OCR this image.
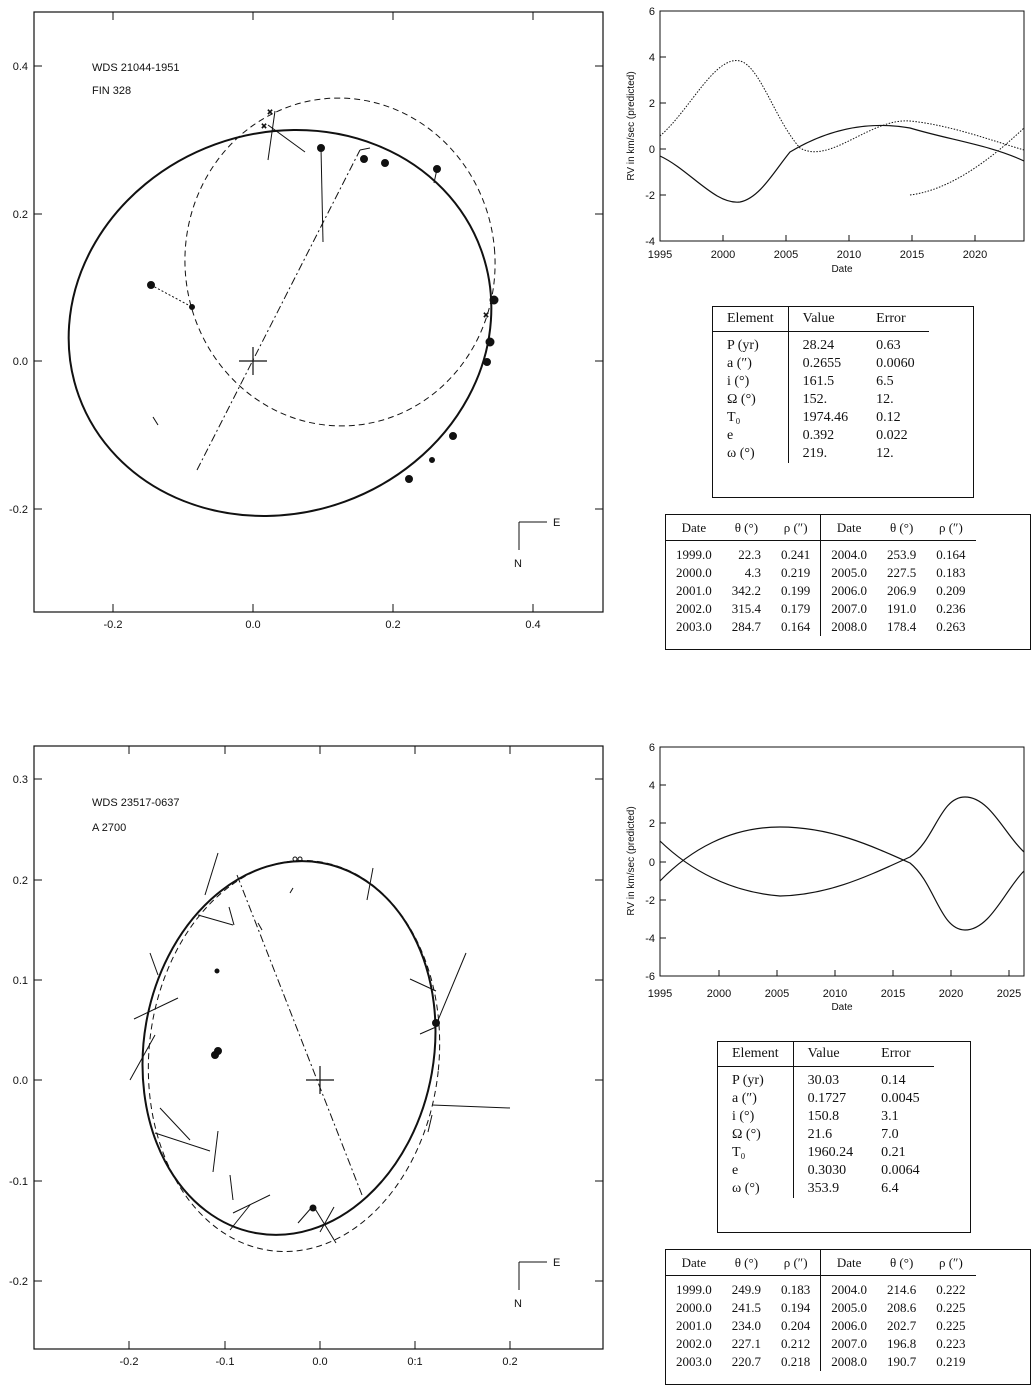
-0.2	0.0	0.2	0.4
0.4
0.2
0.0
-0.2
WDS 21044-1951
FIN 328
×
×
×
E
N
6
4
2
0
-2
-4
1995	2000	2005	2010	2015	2020
Date
RV in km/sec (predicted)
Element	Value	Error
P (yr)	28.24	0.63
a (″)	0.2655	0.0060
i (°)	161.5	6.5
Ω (°)	152.	12.
T₀	1974.46	0.12
e	0.392	0.022
ω (°)	219.	12.
Date	θ (°)	ρ (″)	Date	θ (°)	ρ (″)
1999.0	22.3	0.241	2004.0	253.9	0.164
2000.0	4.3	0.219	2005.0	227.5	0.183
2001.0	342.2	0.199	2006.0	206.9	0.209
2002.0	315.4	0.179	2007.0	191.0	0.236
2003.0	284.7	0.164	2008.0	178.4	0.263
-0.2	-0.1	0.0	0:1	0.2
0.3
0.2
0.1
0.0
-0.1
-0.2
WDS 23517-0637
A 2700
E
N
6
4
2
0
-2
-4
-6
1995	2000	2005	2010	2015	2020	2025
Date
RV in km/sec (predicted)
Element	Value	Error
P (yr)	30.03	0.14
a (″)	0.1727	0.0045
i (°)	150.8	3.1
Ω (°)	21.6	7.0
T₀	1960.24	0.21
e	0.3030	0.0064
ω (°)	353.9	6.4
Date	θ (°)	ρ (″)	Date	θ (°)	ρ (″)
1999.0	249.9	0.183	2004.0	214.6	0.222
2000.0	241.5	0.194	2005.0	208.6	0.225
2001.0	234.0	0.204	2006.0	202.7	0.225
2002.0	227.1	0.212	2007.0	196.8	0.223
2003.0	220.7	0.218	2008.0	190.7	0.219
